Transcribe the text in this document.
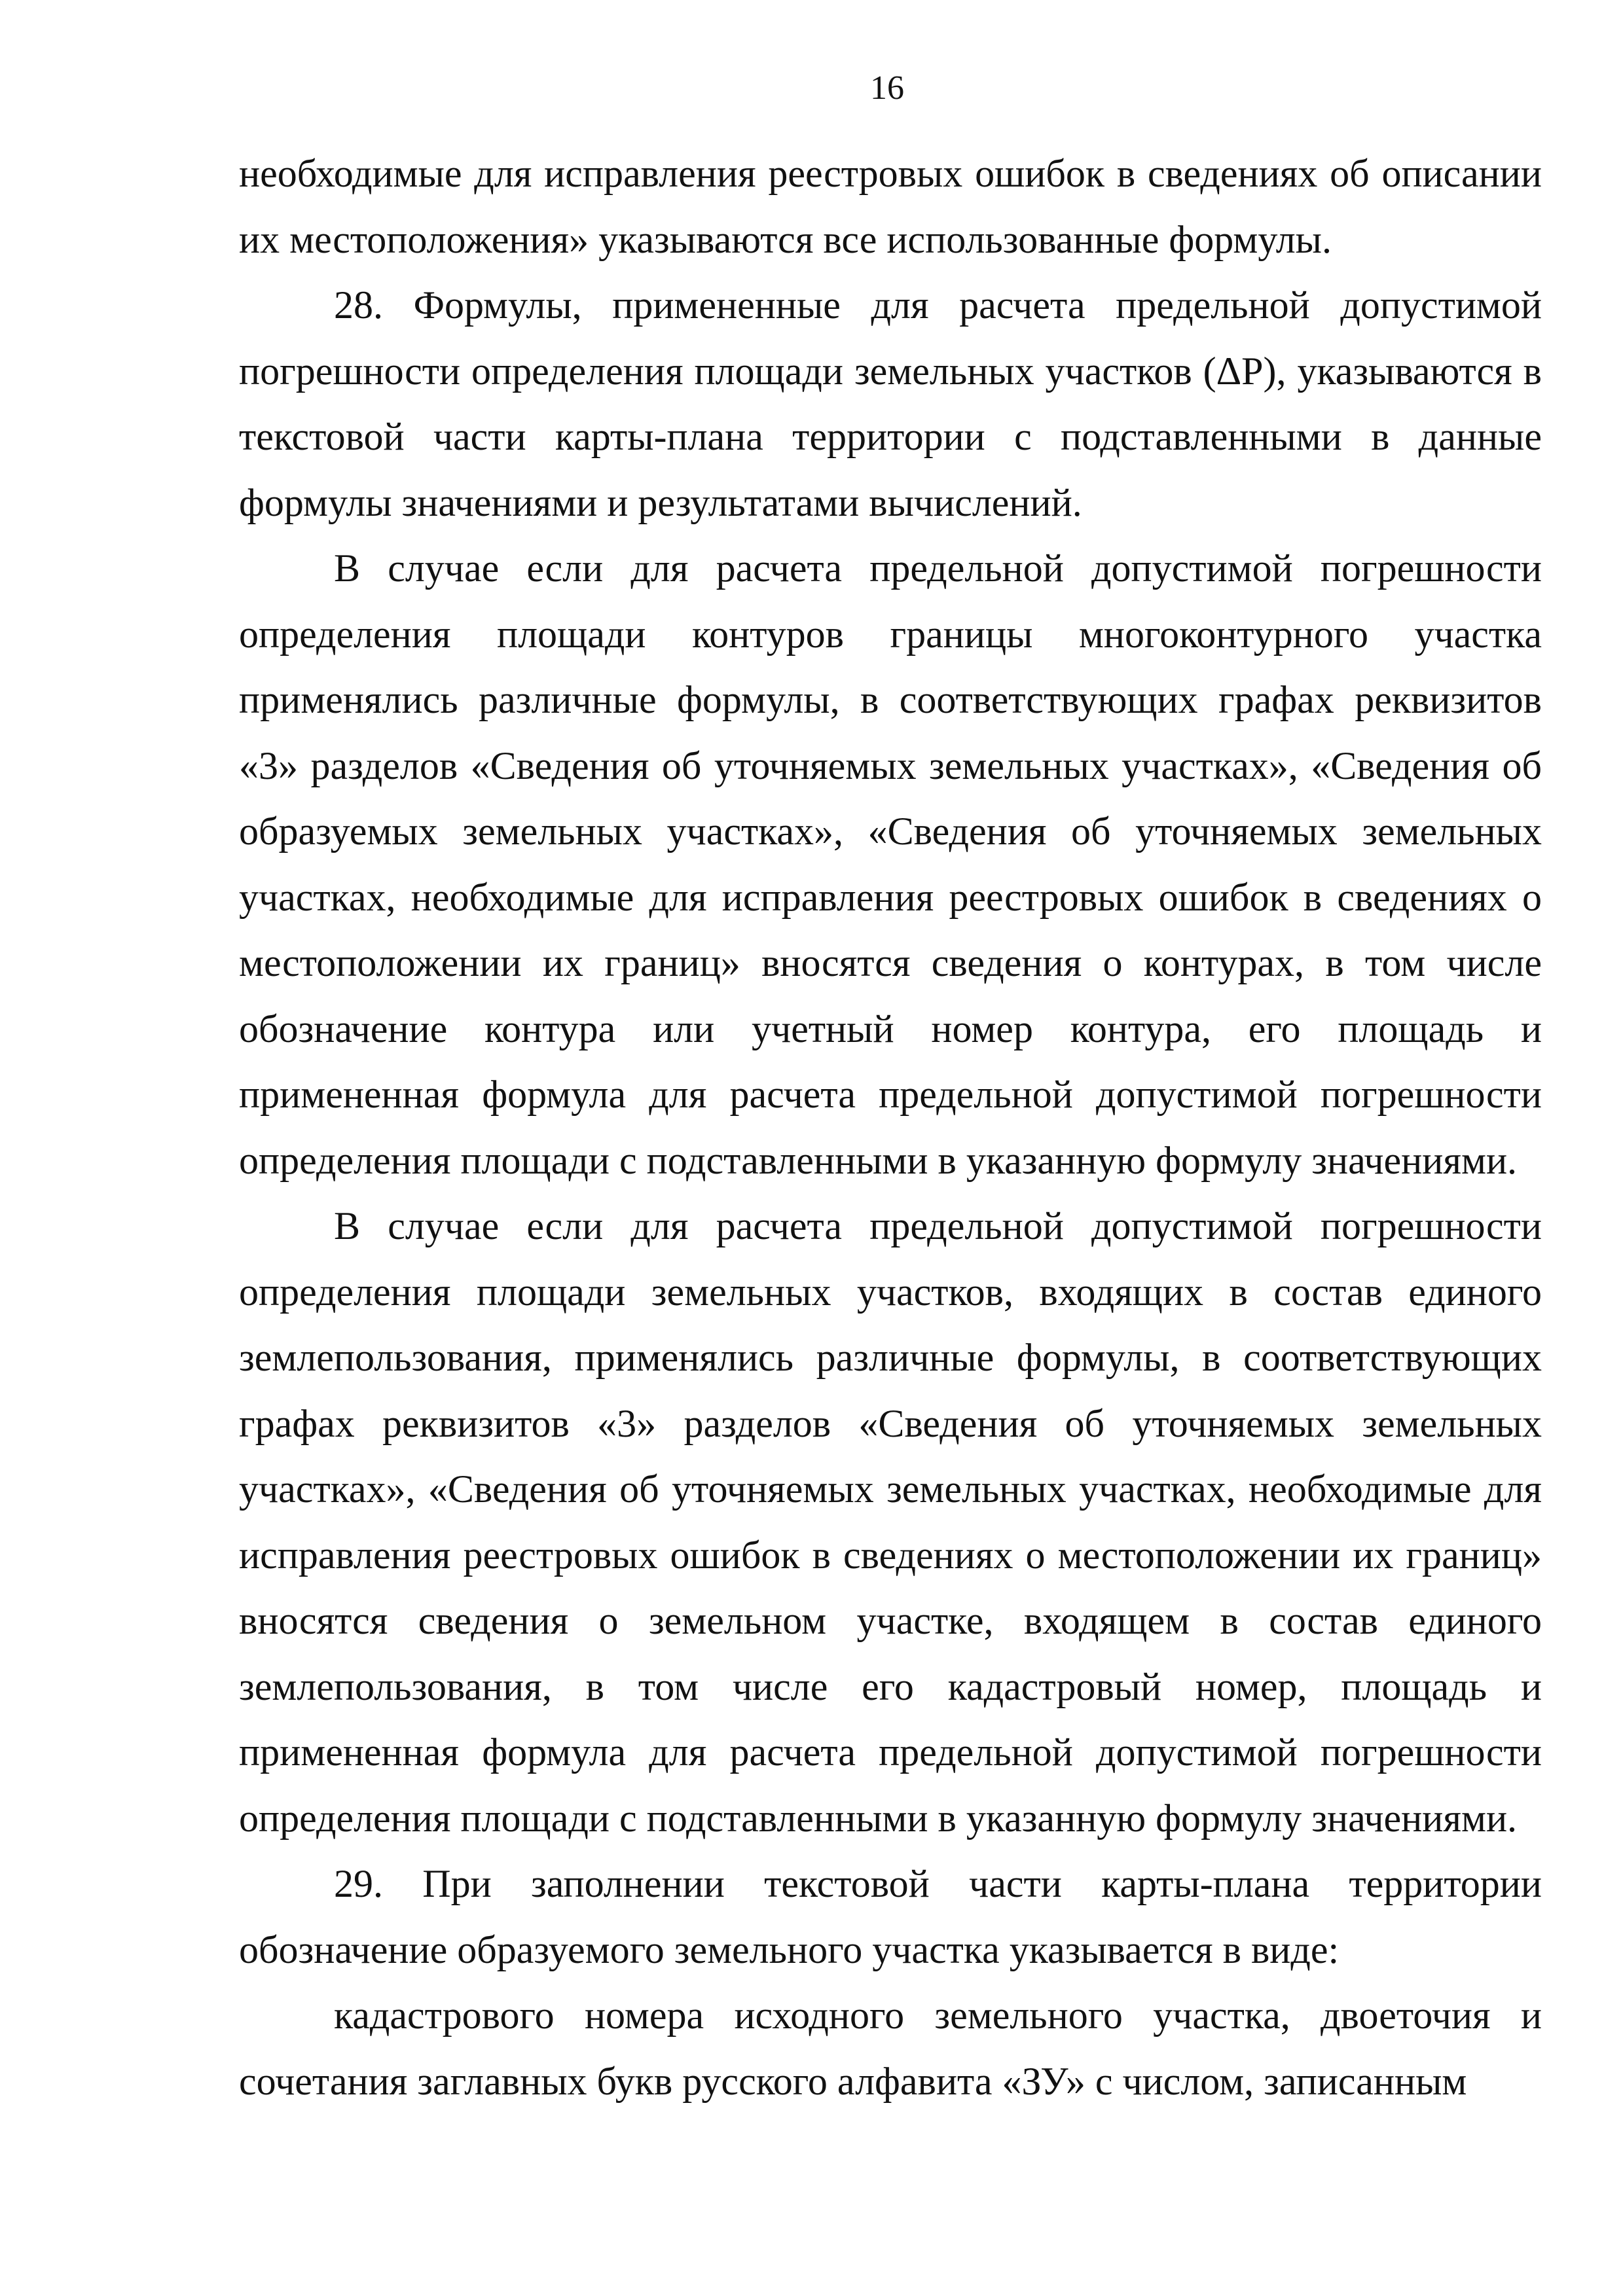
16

необходимые для исправления реестровых ошибок в сведениях об описании их местоположения» указываются все использованные формулы.

28. Формулы, примененные для расчета предельной допустимой погрешности определения площади земельных участков (ΔP), указываются в текстовой части карты-плана территории с подставленными в данные формулы значениями и результатами вычислений.

В случае если для расчета предельной допустимой погрешности определения площади контуров границы многоконтурного участка применялись различные формулы, в соответствующих графах реквизитов «3» разделов «Сведения об уточняемых земельных участках», «Сведения об образуемых земельных участках», «Сведения об уточняемых земельных участках, необходимые для исправления реестровых ошибок в сведениях о местоположении их границ» вносятся сведения о контурах, в том числе обозначение контура или учетный номер контура, его площадь и примененная формула для расчета предельной допустимой погрешности определения площади с подставленными в указанную формулу значениями.

В случае если для расчета предельной допустимой погрешности определения площади земельных участков, входящих в состав единого землепользования, применялись различные формулы, в соответствующих графах реквизитов «3» разделов «Сведения об уточняемых земельных участках», «Сведения об уточняемых земельных участках, необходимые для исправления реестровых ошибок в сведениях о местоположении их границ» вносятся сведения о земельном участке, входящем в состав единого землепользования, в том числе его кадастровый номер, площадь и примененная формула для расчета предельной допустимой погрешности определения площади с подставленными в указанную формулу значениями.

29. При заполнении текстовой части карты-плана территории обозначение образуемого земельного участка указывается в виде:

кадастрового номера исходного земельного участка, двоеточия и сочетания заглавных букв русского алфавита «ЗУ» с числом, записанным
